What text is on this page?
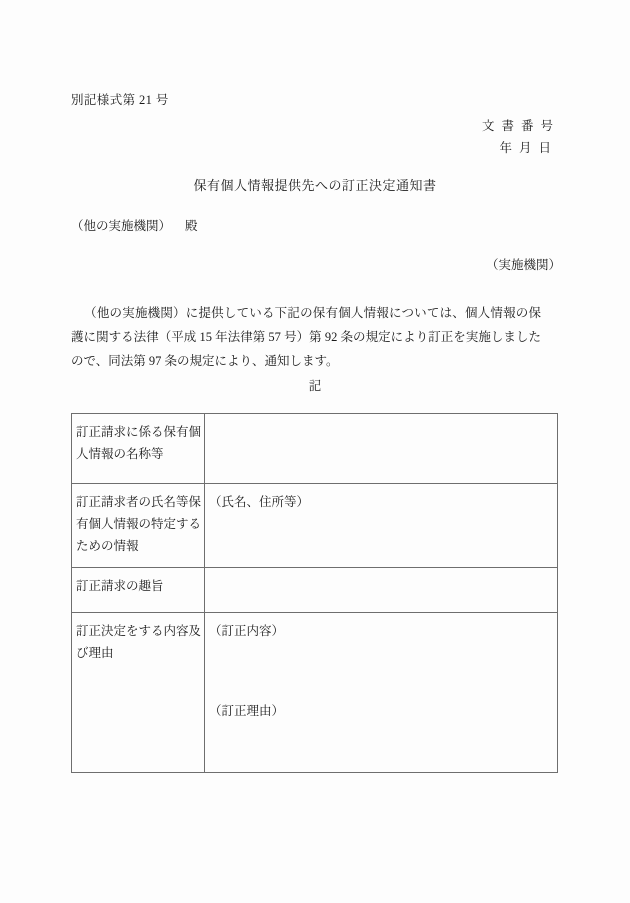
別記様式第 21 号
文書番号
年月日
保有個人情報提供先への訂正決定通知書
（他の実施機関） 殿
（実施機関）
（他の実施機関）に提供している下記の保有個人情報については、個人情報の保護に関する法律（平成 15 年法律第 57 号）第 92 条の規定により訂正を実施しましたので、同法第 97 条の規定により、通知します。
記
訂正請求に係る保有個人情報の名称等	
訂正請求者の氏名等保有個人情報の特定するための情報	（氏名、住所等）
訂正請求の趣旨	
訂正決定をする内容及び理由	（訂正内容）
（訂正理由）
